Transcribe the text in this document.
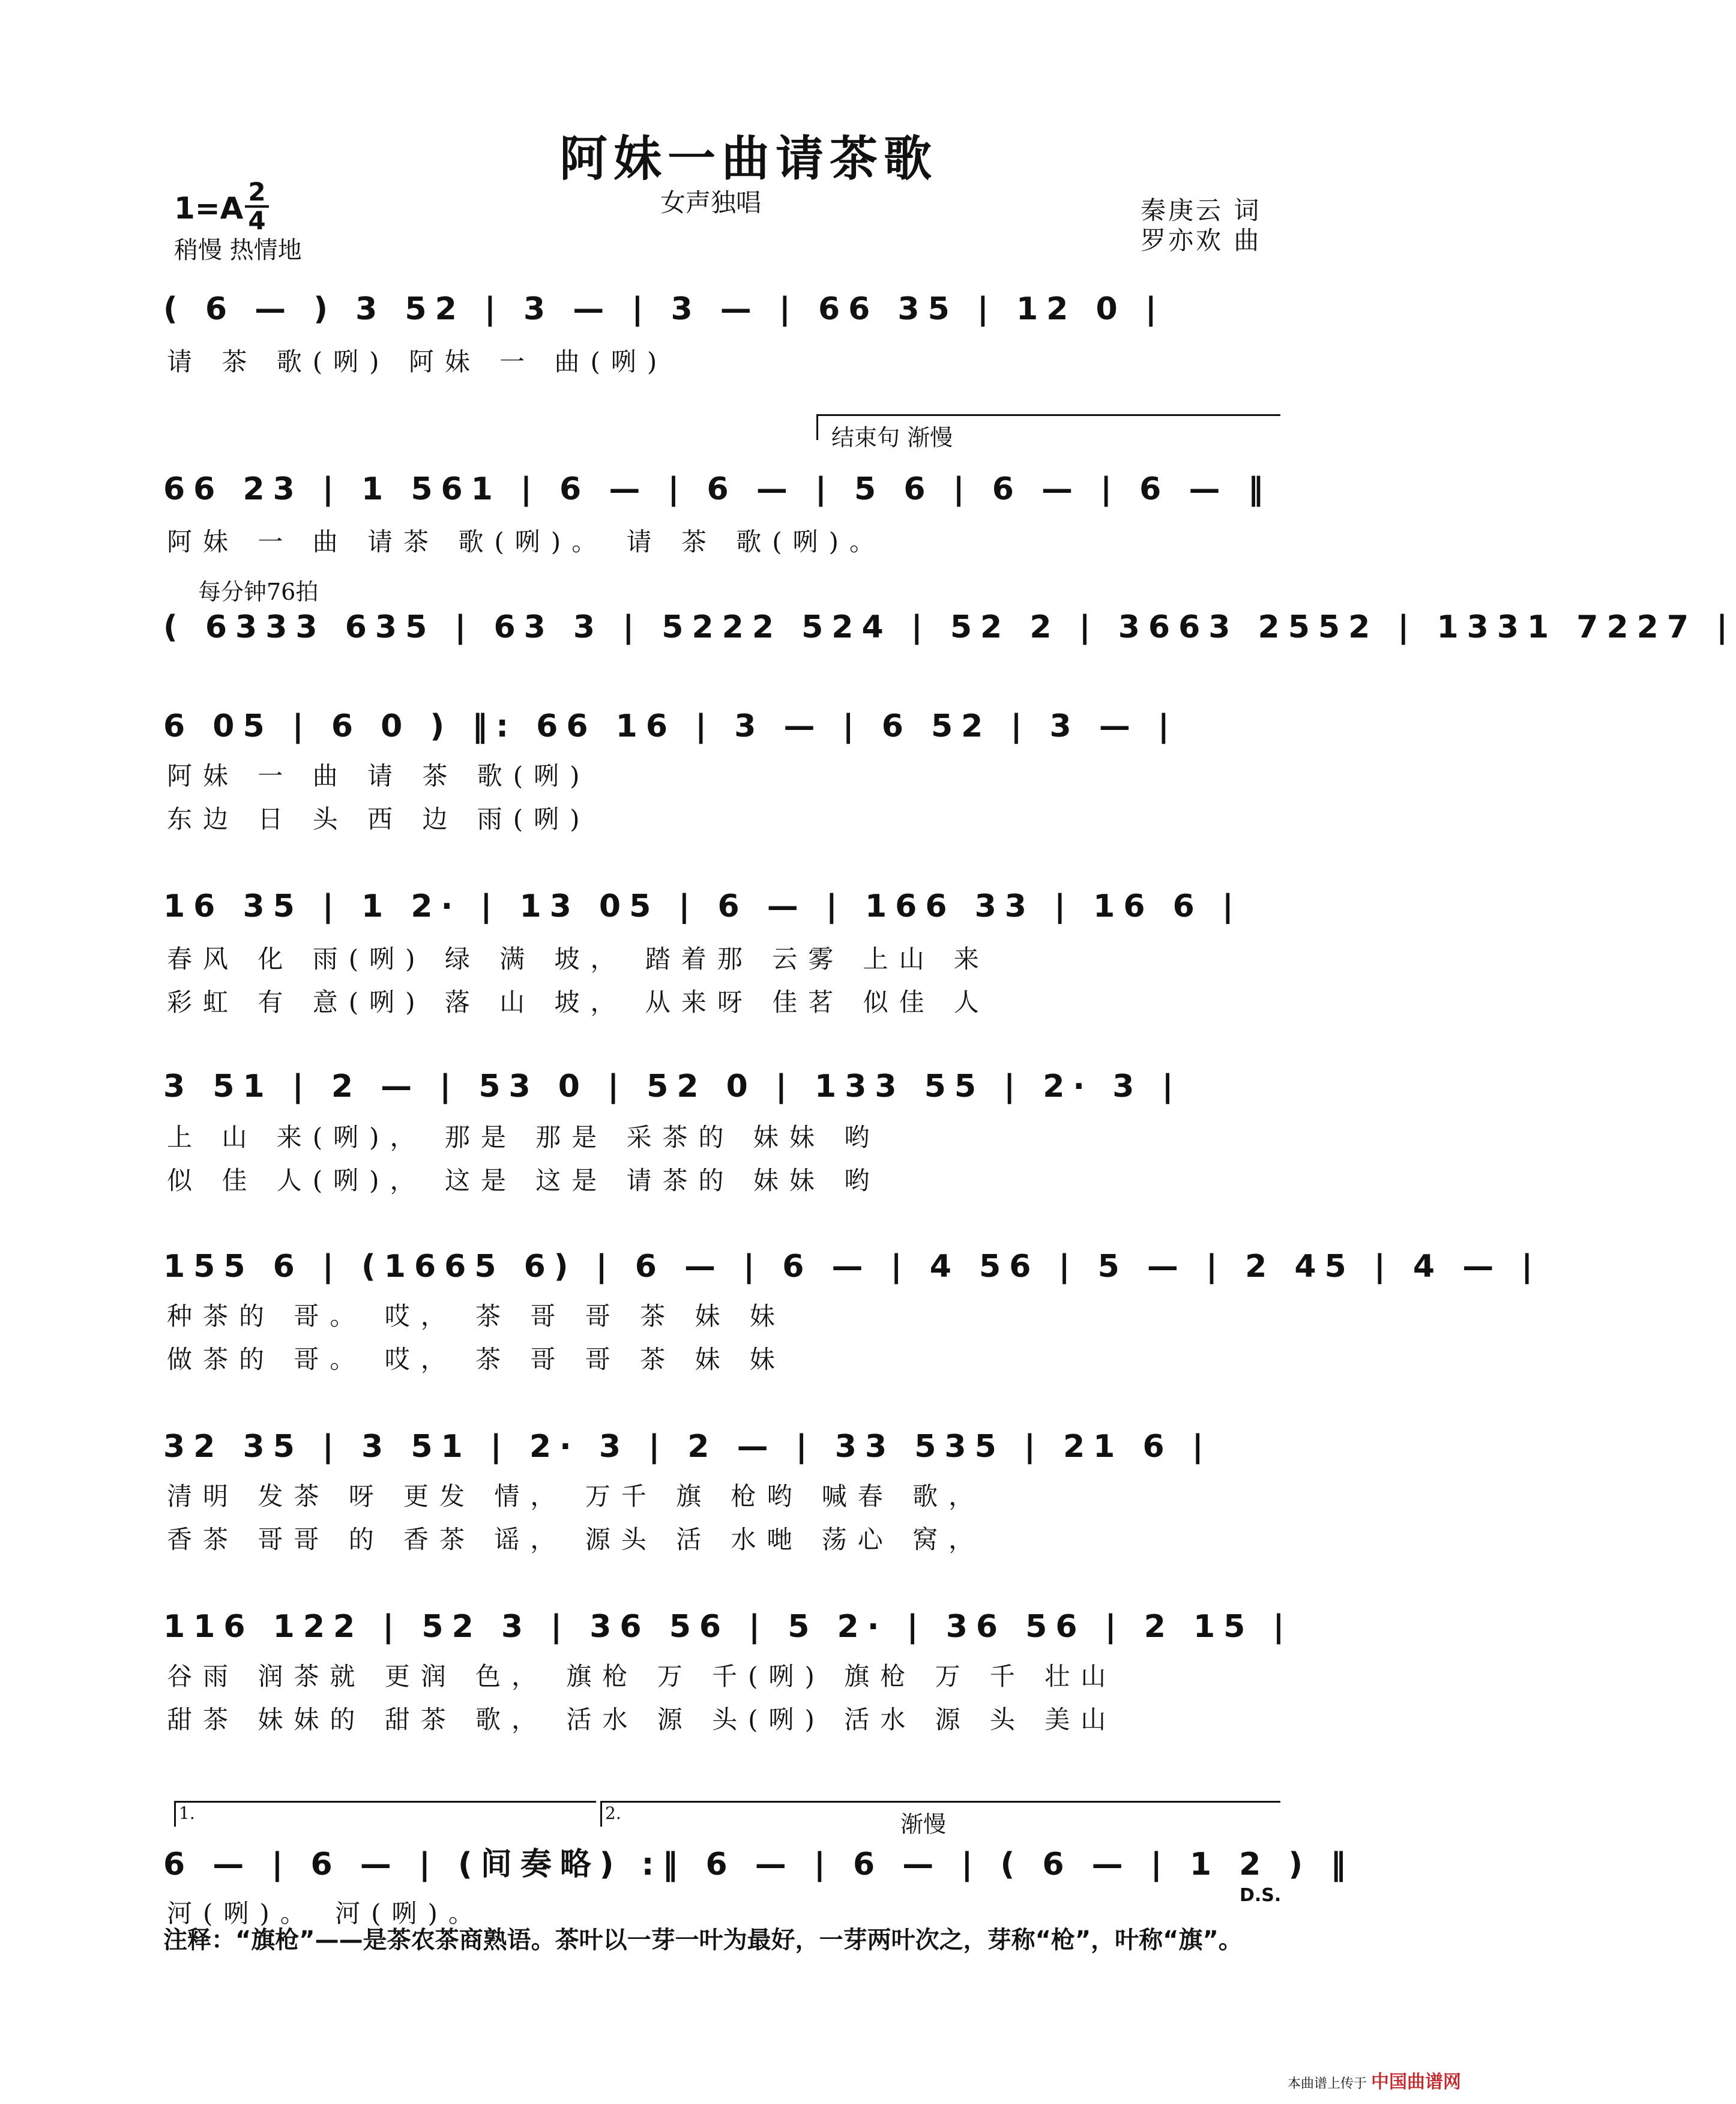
阿妹一曲请茶歌
女声独唱
1=A 2
4
稍慢 热情地
秦庚云 词
罗亦欢 曲
结束句 渐慢
每分钟76拍
1.	2.	渐慢
D.S.
( 6 — ) 3 52 | 3 — | 3 — | 66 35 | 12 0 |
请 茶 歌(咧) 阿妹 一 曲(咧)
66 23 | 1 561 | 6 — | 6 — | 5 6 | 6 — | 6 — ‖
阿妹 一 曲 请茶 歌(咧)。 请 茶 歌(咧)。
( 6333 635 | 63 3 | 5222 524 | 52 2 | 3663 2552 | 1331 7227 |
6 05 | 6 0 ) ‖: 66 16 | 3 — | 6 52 | 3 — |
阿妹 一 曲 请 茶 歌(咧)
东边 日 头 西 边 雨(咧)
16 35 | 1 2· | 13 05 | 6 — | 166 33 | 16 6 |
春风 化 雨(咧) 绿 满 坡， 踏着那 云雾 上山 来
彩虹 有 意(咧) 落 山 坡， 从来呀 佳茗 似佳 人
3 51 | 2 — | 53 0 | 52 0 | 133 55 | 2· 3 |
上 山 来(咧)， 那是 那是 采茶的 妹妹 哟
似 佳 人(咧)， 这是 这是 请茶的 妹妹 哟
155 6 | (1665 6) | 6 — | 6 — | 4 56 | 5 — | 2 45 | 4 — |
种茶的 哥。 哎， 茶 哥 哥 茶 妹 妹
做茶的 哥。 哎， 茶 哥 哥 茶 妹 妹
32 35 | 3 51 | 2· 3 | 2 — | 33 535 | 21 6 |
清明 发茶 呀 更发 情， 万千 旗 枪哟 喊春 歌，
香茶 哥哥 的 香茶 谣， 源头 活 水哋 荡心 窝，
116 122 | 52 3 | 36 56 | 5 2· | 36 56 | 2 15 |
谷雨 润茶就 更润 色， 旗枪 万 千(咧) 旗枪 万 千 壮山
甜茶 妹妹的 甜茶 歌， 活水 源 头(咧) 活水 源 头 美山
6 — | 6 — | (间奏略) :‖ 6 — | 6 — | ( 6 — | 1 2 ) ‖
河(咧)。 河(咧)。
注释：“旗枪”——是茶农茶商熟语。茶叶以一芽一叶为最好，一芽两叶次之，芽称“枪”，叶称“旗”。
本曲谱上传于 中国曲谱网
